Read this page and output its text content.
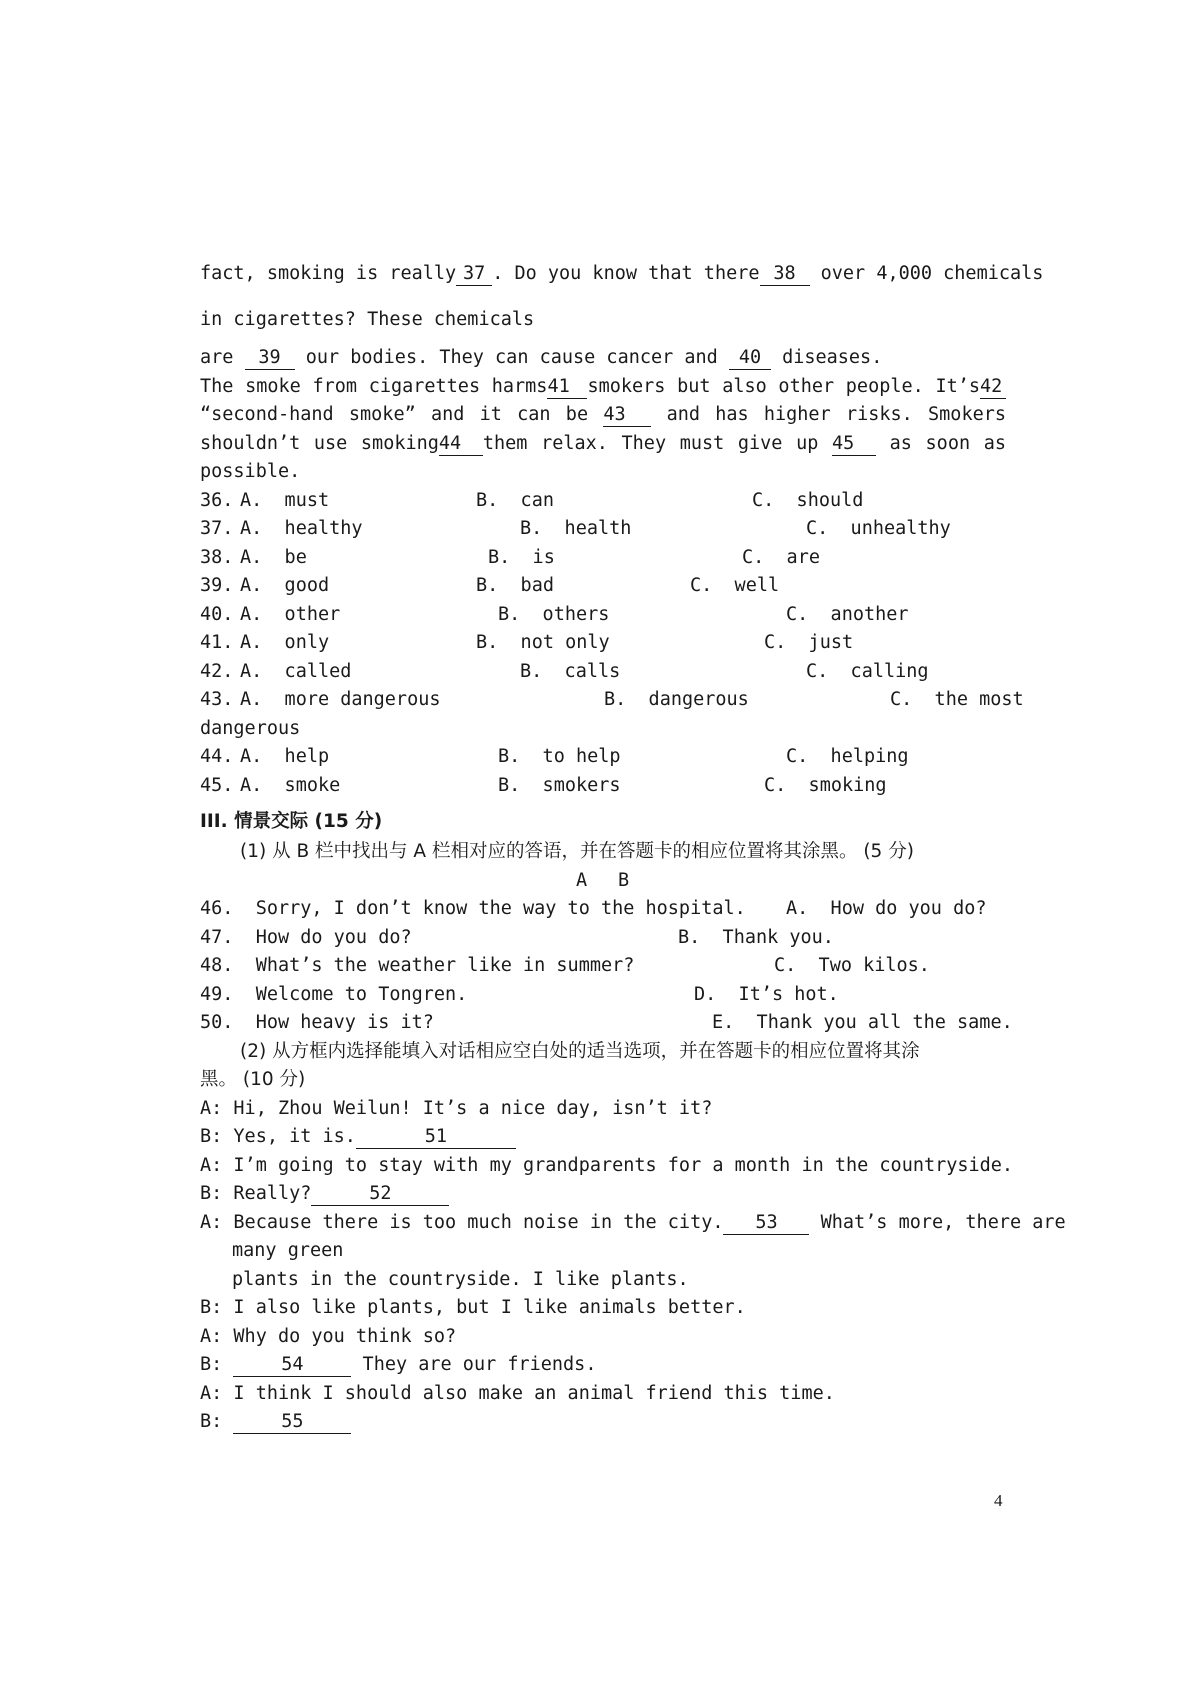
fact, smoking is really 37 . Do you know that there 38 over 4,000 chemicals
in cigarettes? These chemicals
are 39 our bodies. They can cause cancer and 40 diseases.
The smoke from cigarettes harms41 smokers but also other people. It’s42
“second-hand smoke” and it can be 43 and has higher risks. Smokers
shouldn’t use smoking44 them relax. They must give up 45 as soon as
possible.
36. A.  must	B.  can	C.  should
37. A.  healthy	B.  health	C.  unhealthy
38. A.  be	B.  is	C.  are
39. A.  good	B.  bad	C.  well
40. A.  other	B.  others	C.  another
41. A.  only	B.  not only	C.  just
42. A.  called	B.  calls	C.  calling
43. A.  more dangerous	B.  dangerous	C.  the most
dangerous
44. A.  help	B.  to help	C.  helping
45. A.  smoke	B.  smokers	C.  smoking
III. 情景交际 (15 分)
(1) 从 B 栏中找出与 A 栏相对应的答语，并在答题卡的相应位置将其涂黑。 (5 分)
A B
46.  Sorry, I don’t know the way to the hospital. A.  How do you do?
47.  How do you do?	B.  Thank you.
48.  What’s the weather like in summer?	C.  Two kilos.
49.  Welcome to Tongren.	D.  It’s hot.
50.  How heavy is it?	E.  Thank you all the same.
(2) 从方框内选择能填入对话相应空白处的适当选项，并在答题卡的相应位置将其涂
黑。 (10 分)
A: Hi, Zhou Weilun! It’s a nice day, isn’t it?
B: Yes, it is.	51
A: I’m going to stay with my grandparents for a month in the countryside.
B: Really?	52
A: Because there is too much noise in the city. 53 What’s more, there are
many green
plants in the countryside. I like plants.
B: I also like plants, but I like animals better.
A: Why do you think so?
B:	54	They are our friends.
A: I think I should also make an animal friend this time.
B:	55
4
